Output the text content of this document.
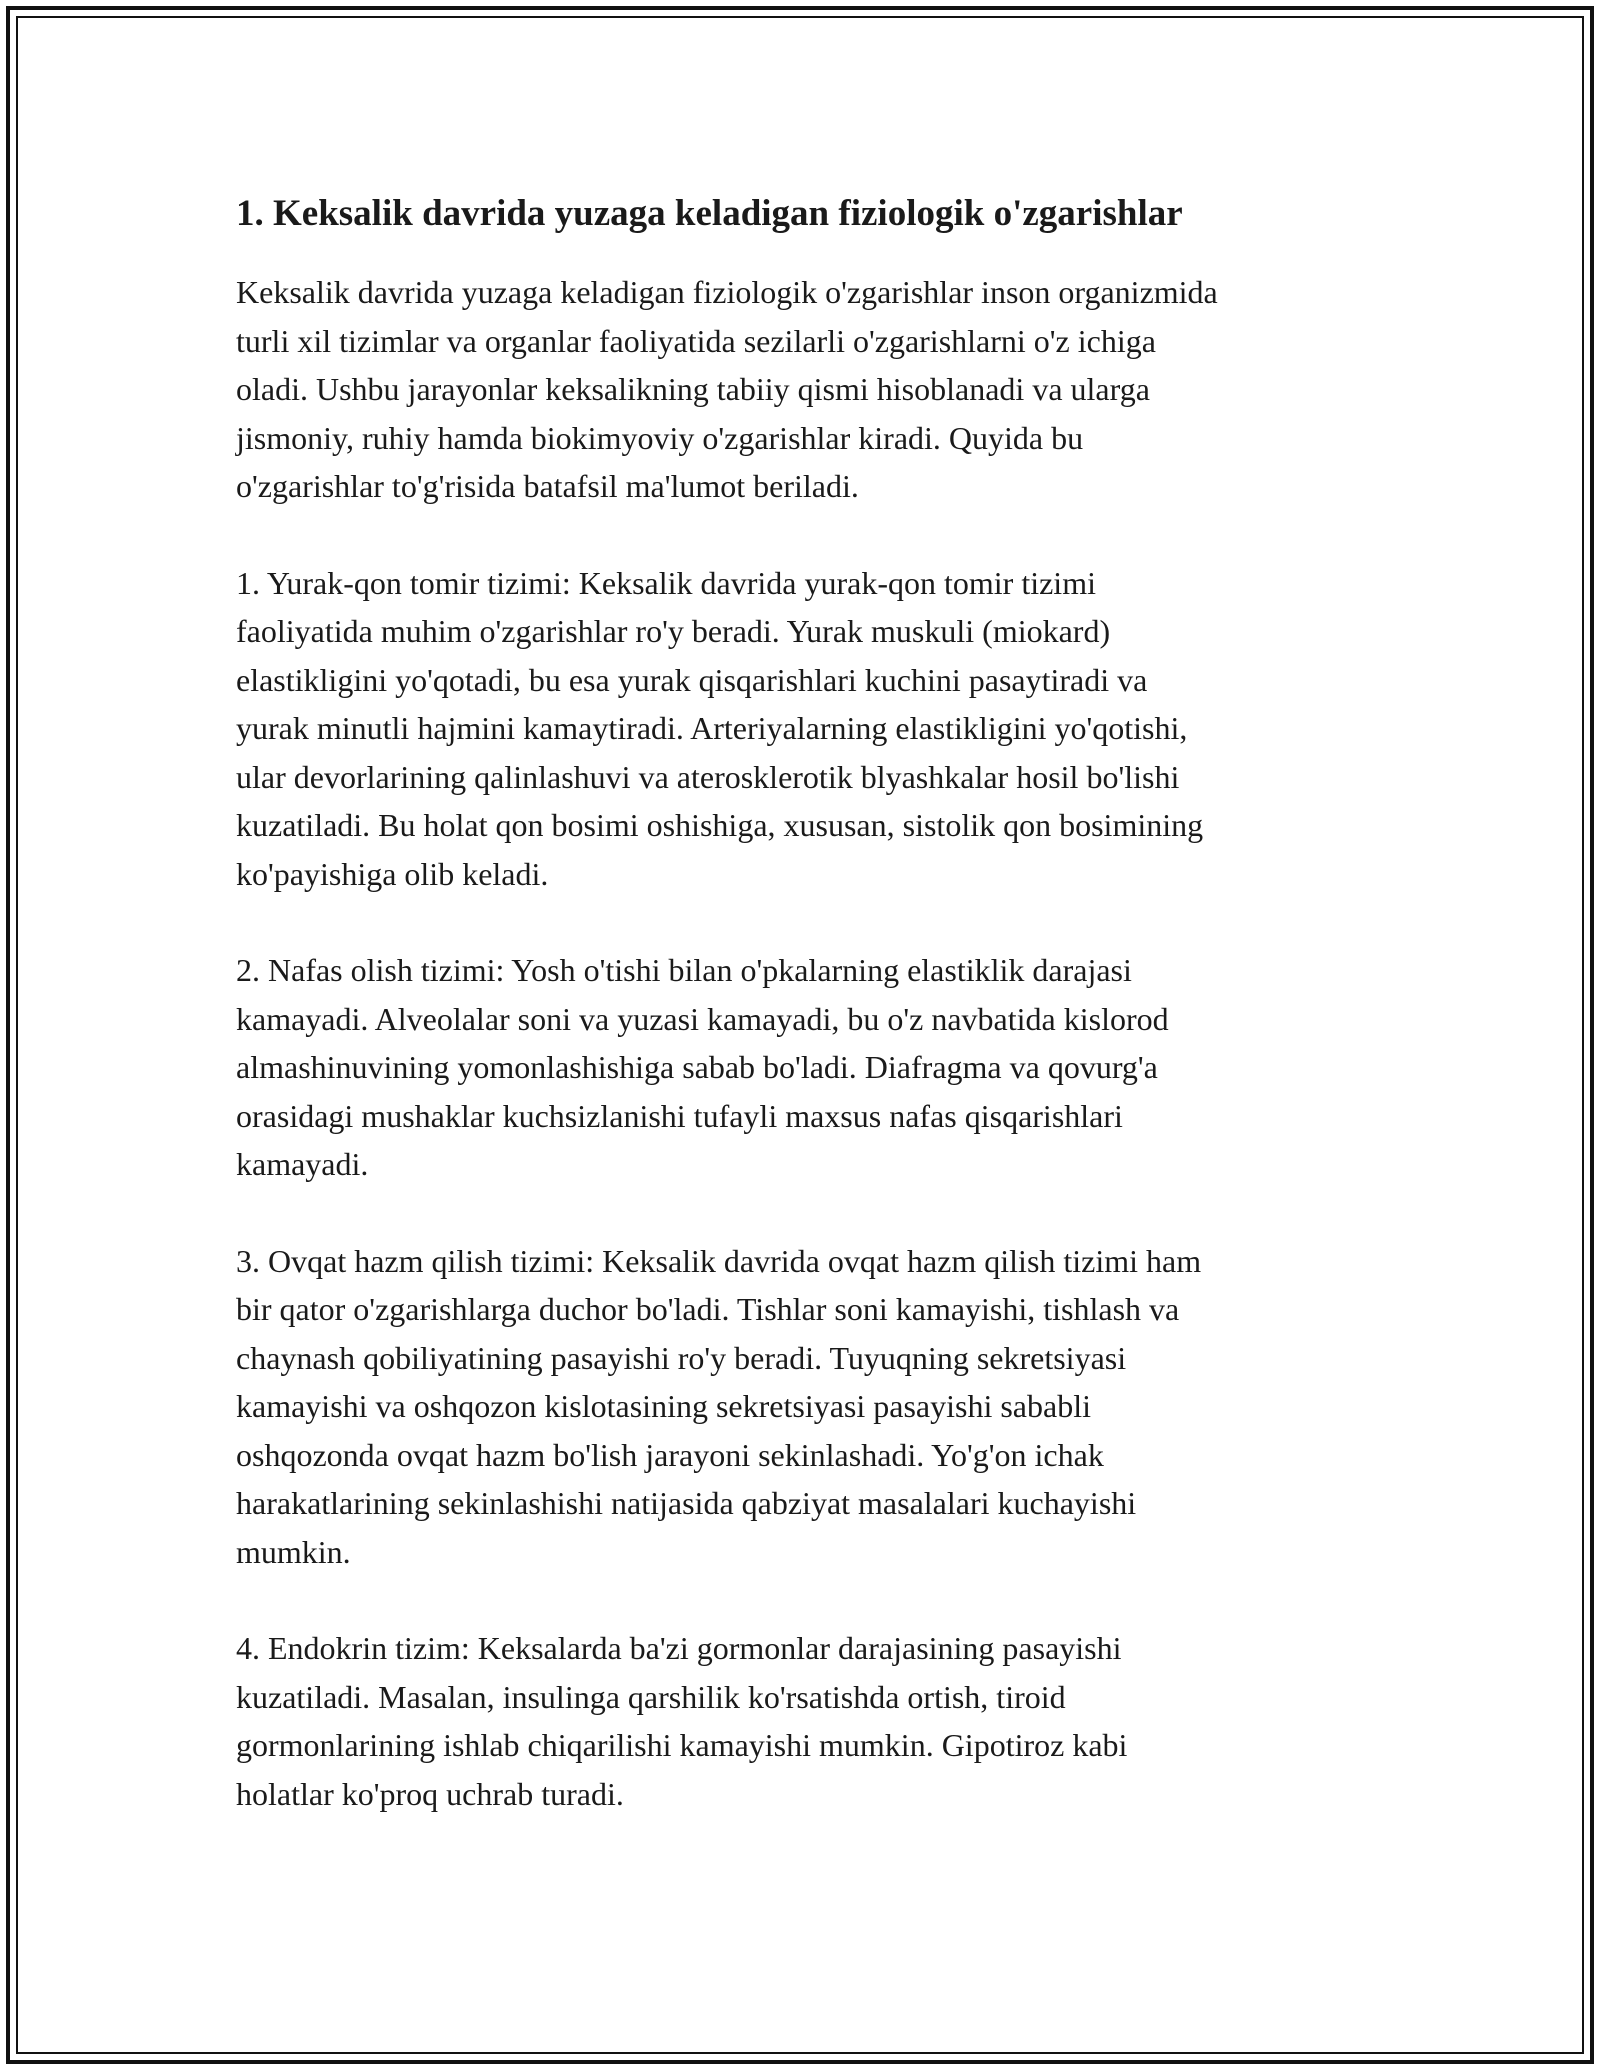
1. Keksalik davrida yuzaga keladigan fiziologik o'zgarishlar

Keksalik davrida yuzaga keladigan fiziologik o'zgarishlar inson organizmida
turli xil tizimlar va organlar faoliyatida sezilarli o'zgarishlarni o'z ichiga
oladi. Ushbu jarayonlar keksalikning tabiiy qismi hisoblanadi va ularga
jismoniy, ruhiy hamda biokimyoviy o'zgarishlar kiradi. Quyida bu
o'zgarishlar to'g'risida batafsil ma'lumot beriladi.

1. Yurak-qon tomir tizimi: Keksalik davrida yurak-qon tomir tizimi
faoliyatida muhim o'zgarishlar ro'y beradi. Yurak muskuli (miokard)
elastikligini yo'qotadi, bu esa yurak qisqarishlari kuchini pasaytiradi va
yurak minutli hajmini kamaytiradi. Arteriyalarning elastikligini yo'qotishi,
ular devorlarining qalinlashuvi va aterosklerotik blyashkalar hosil bo'lishi
kuzatiladi. Bu holat qon bosimi oshishiga, xususan, sistolik qon bosimining
ko'payishiga olib keladi.

2. Nafas olish tizimi: Yosh o'tishi bilan o'pkalarning elastiklik darajasi
kamayadi. Alveolalar soni va yuzasi kamayadi, bu o'z navbatida kislorod
almashinuvining yomonlashishiga sabab bo'ladi. Diafragma va qovurg'a
orasidagi mushaklar kuchsizlanishi tufayli maxsus nafas qisqarishlari
kamayadi.

3. Ovqat hazm qilish tizimi: Keksalik davrida ovqat hazm qilish tizimi ham
bir qator o'zgarishlarga duchor bo'ladi. Tishlar soni kamayishi, tishlash va
chaynash qobiliyatining pasayishi ro'y beradi. Tuyuqning sekretsiyasi
kamayishi va oshqozon kislotasining sekretsiyasi pasayishi sababli
oshqozonda ovqat hazm bo'lish jarayoni sekinlashadi. Yo'g'on ichak
harakatlarining sekinlashishi natijasida qabziyat masalalari kuchayishi
mumkin.

4. Endokrin tizim: Keksalarda ba'zi gormonlar darajasining pasayishi
kuzatiladi. Masalan, insulinga qarshilik ko'rsatishda ortish, tiroid
gormonlarining ishlab chiqarilishi kamayishi mumkin. Gipotiroz kabi
holatlar ko'proq uchrab turadi.
